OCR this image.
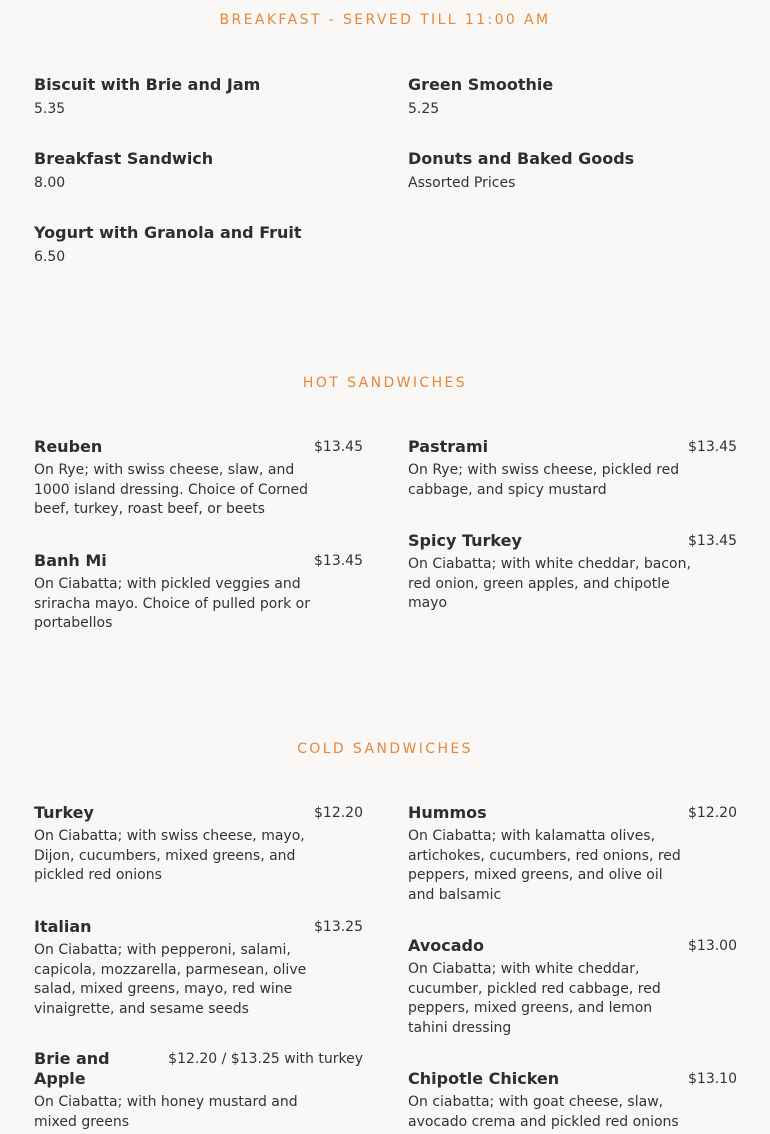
BREAKFAST - SERVED TILL 11:00 AM
Biscuit with Brie and Jam
5.35
Green Smoothie
5.25
Breakfast Sandwich
8.00
Donuts and Baked Goods
Assorted Prices
Yogurt with Granola and Fruit
6.50
HOT SANDWICHES
Reuben	$13.45
On Rye; with swiss cheese, slaw, and 1000 island dressing. Choice of Corned beef, turkey, roast beef, or beets
Pastrami	$13.45
On Rye; with swiss cheese, pickled red cabbage, and spicy mustard
Banh Mi	$13.45
On Ciabatta; with pickled veggies and sriracha mayo. Choice of pulled pork or portabellos
Spicy Turkey	$13.45
On Ciabatta; with white cheddar, bacon, red onion, green apples, and chipotle mayo
COLD SANDWICHES
Turkey	$12.20
On Ciabatta; with swiss cheese, mayo, Dijon, cucumbers, mixed greens, and pickled red onions
Hummos	$12.20
On Ciabatta; with kalamatta olives, artichokes, cucumbers, red onions, red peppers, mixed greens, and olive oil and balsamic
Italian	$13.25
On Ciabatta; with pepperoni, salami, capicola, mozzarella, parmesean, olive salad, mixed greens, mayo, red wine vinaigrette, and sesame seeds
Avocado	$13.00
On Ciabatta; with white cheddar, cucumber, pickled red cabbage, red peppers, mixed greens, and lemon tahini dressing
Brie and Apple
$12.20 / $13.25 with turkey
On Ciabatta; with honey mustard and mixed greens
Chipotle Chicken	$13.10
On ciabatta; with goat cheese, slaw, avocado crema and pickled red onions
